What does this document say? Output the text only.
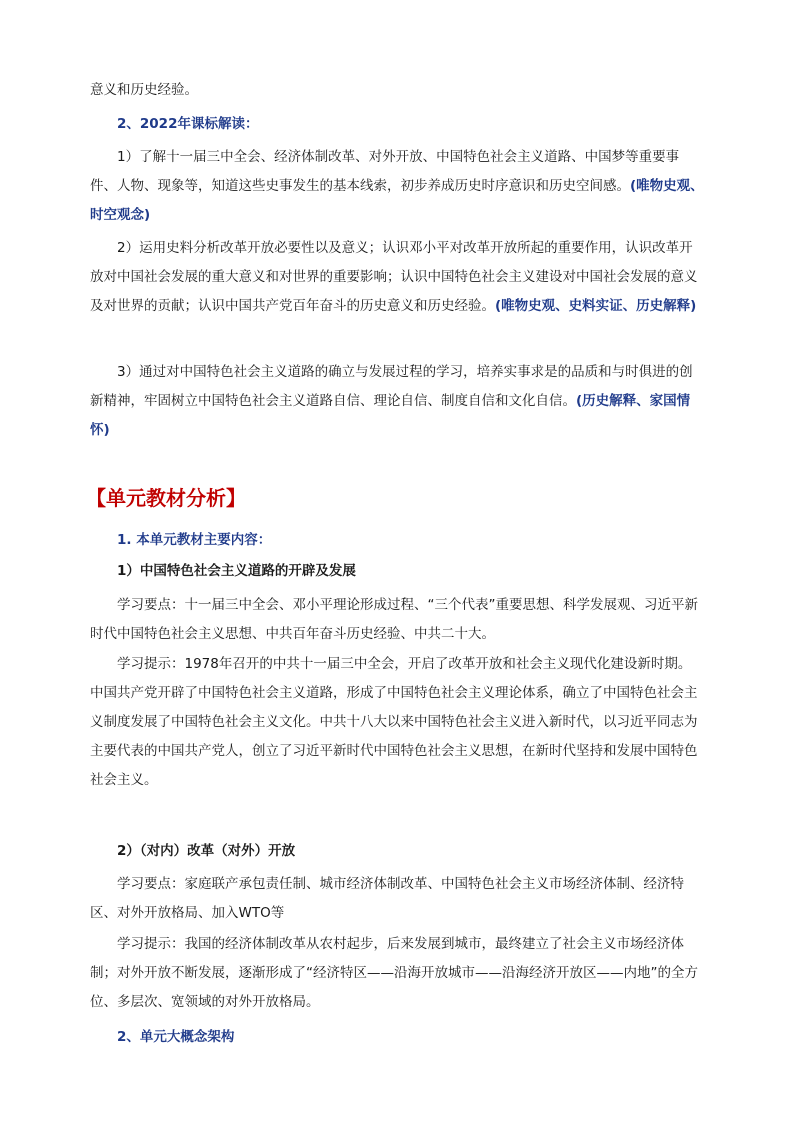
意义和历史经验。
2、2022年课标解读：
1）了解十一届三中全会、经济体制改革、对外开放、中国特色社会主义道路、中国梦等重要事件、人物、现象等，知道这些史事发生的基本线索，初步养成历史时序意识和历史空间感。(唯物史观、时空观念)
2）运用史料分析改革开放必要性以及意义；认识邓小平对改革开放所起的重要作用，认识改革开放对中国社会发展的重大意义和对世界的重要影响；认识中国特色社会主义建设对中国社会发展的意义及对世界的贡献；认识中国共产党百年奋斗的历史意义和历史经验。(唯物史观、史料实证、历史解释)
3）通过对中国特色社会主义道路的确立与发展过程的学习，培养实事求是的品质和与时俱进的创新精神，牢固树立中国特色社会主义道路自信、理论自信、制度自信和文化自信。(历史解释、家国情怀)
【单元教材分析】
1. 本单元教材主要内容：
1）中国特色社会主义道路的开辟及发展
学习要点：十一届三中全会、邓小平理论形成过程、“三个代表”重要思想、科学发展观、习近平新时代中国特色社会主义思想、中共百年奋斗历史经验、中共二十大。
学习提示：1978年召开的中共十一届三中全会，开启了改革开放和社会主义现代化建设新时期。中国共产党开辟了中国特色社会主义道路，形成了中国特色社会主义理论体系，确立了中国特色社会主义制度发展了中国特色社会主义文化。中共十八大以来中国特色社会主义进入新时代，以习近平同志为主要代表的中国共产党人，创立了习近平新时代中国特色社会主义思想，在新时代坚持和发展中国特色社会主义。
2）（对内）改革（对外）开放
学习要点：家庭联产承包责任制、城市经济体制改革、中国特色社会主义市场经济体制、经济特区、对外开放格局、加入WTO等
学习提示：我国的经济体制改革从农村起步，后来发展到城市，最终建立了社会主义市场经济体制；对外开放不断发展，逐渐形成了“经济特区——沿海开放城市——沿海经济开放区——内地”的全方位、多层次、宽领域的对外开放格局。
2、单元大概念架构
